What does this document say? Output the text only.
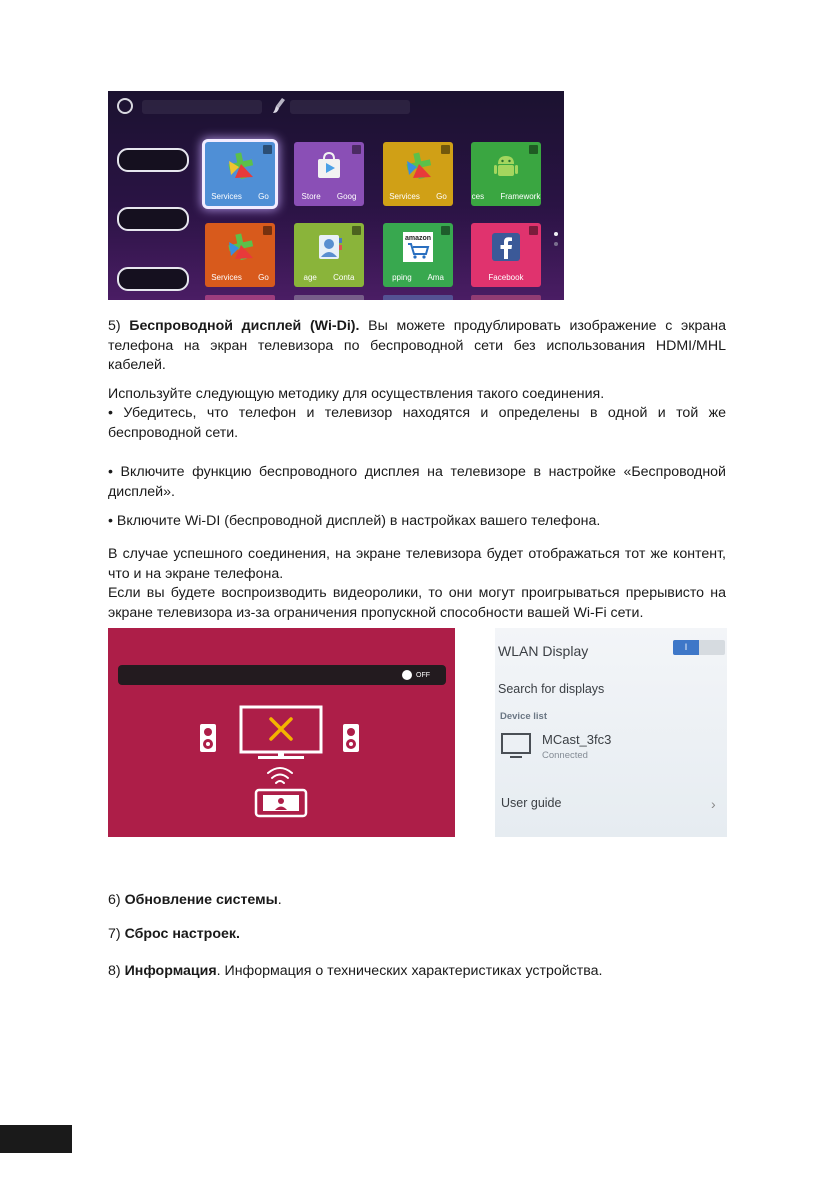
Services Go	Store Goog	Services Go	ces Framework
Services Go	age Conta
amazon
pping Ama	Facebook

5) Беспроводной дисплей (Wi-Di). Вы можете продублировать изображение с экрана телефона на экран телевизора по беспроводной сети без использования HDMI/MHL кабелей.

Используйте следующую методику для осуществления такого соединения.

• Убедитесь, что телефон и телевизор находятся и определены в одной и той же беспроводной сети.

• Включите функцию беспроводного дисплея на телевизоре в настройке «Беспроводной дисплей».

• Включите Wi-DI (беспроводной дисплей) в настройках вашего телефона.

В случае успешного соединения, на экране телевизора будет отображаться тот же контент, что и на экране телефона.

Если вы будете воспроизводить видеоролики, то они могут проигрываться прерывисто на экране телевизора из-за ограничения пропускной способности вашей Wi-Fi сети.

OFF
WLAN Display	I
Search for displays
Device list
MCast_3fc3
Connected
User guide	›

6) Обновление системы.

7) Сброс настроек.

8) Информация. Информация о технических характеристиках устройства.
